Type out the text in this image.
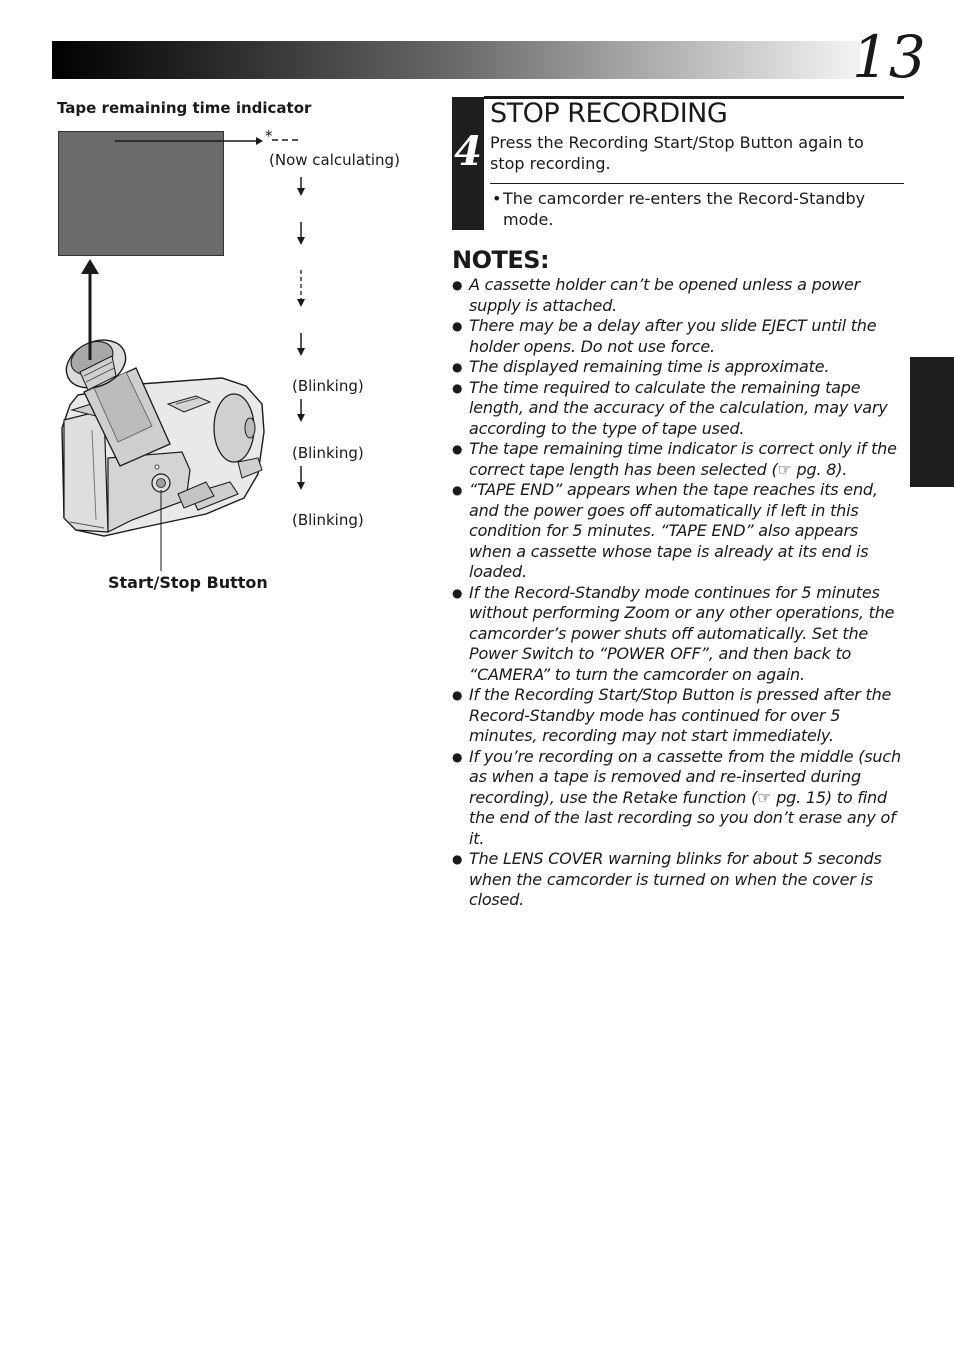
13
Tape remaining time indicator
*
(Now calculating)
(Blinking)
(Blinking)
(Blinking)
Start/Stop Button
4
STOP RECORDING
Press the Recording Start/Stop Button again to stop recording.
• The camcorder re-enters the Record-Standby mode.
NOTES:
● A cassette holder can’t be opened unless a power supply is attached.
● There may be a delay after you slide EJECT until the holder opens. Do not use force.
● The displayed remaining time is approximate.
● The time required to calculate the remaining tape length, and the accuracy of the calculation, may vary according to the type of tape used.
● The tape remaining time indicator is correct only if the correct tape length has been selected (☞ pg. 8).
● “TAPE END” appears when the tape reaches its end, and the power goes off automatically if left in this condition for 5 minutes. “TAPE END” also appears when a cassette whose tape is already at its end is loaded.
● If the Record-Standby mode continues for 5 minutes without performing Zoom or any other operations, the camcorder’s power shuts off automatically. Set the Power Switch to “POWER OFF”, and then back to “CAMERA” to turn the camcorder on again.
● If the Recording Start/Stop Button is pressed after the Record-Standby mode has continued for over 5 minutes, recording may not start immediately.
● If you’re recording on a cassette from the middle (such as when a tape is removed and re-inserted during recording), use the Retake function (☞ pg. 15) to find the end of the last recording so you don’t erase any of it.
● The LENS COVER warning blinks for about 5 seconds when the camcorder is turned on when the cover is closed.
